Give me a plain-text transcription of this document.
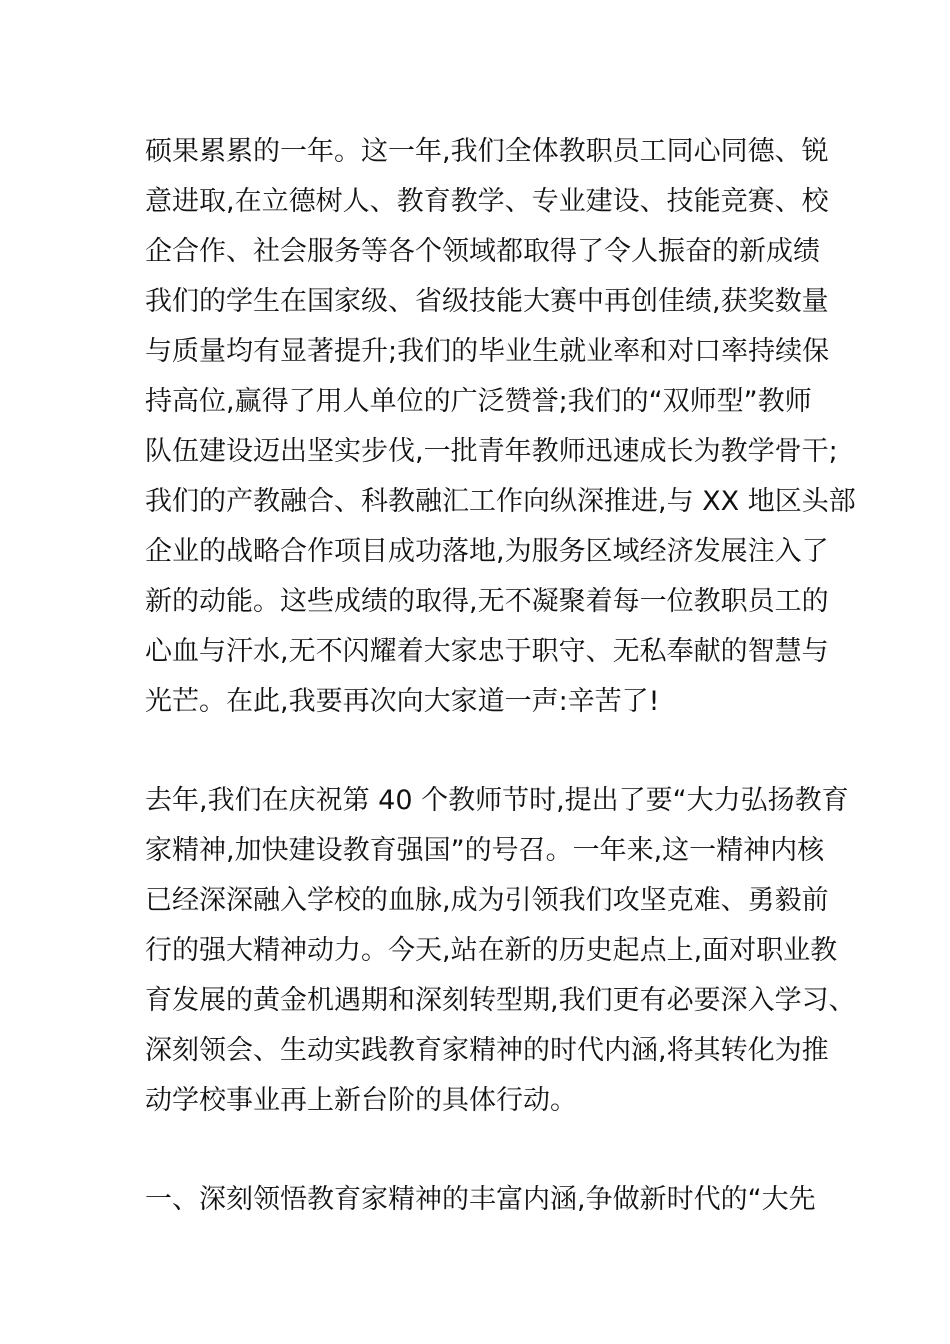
硕果累累的一年。这一年,我们全体教职员工同心同德、锐
意进取,在立德树人、教育教学、专业建设、技能竞赛、校
企合作、社会服务等各个领域都取得了令人振奋的新成绩
我们的学生在国家级、省级技能大赛中再创佳绩,获奖数量
与质量均有显著提升;我们的毕业生就业率和对口率持续保
持高位,赢得了用人单位的广泛赞誉;我们的“双师型”教师
队伍建设迈出坚实步伐,一批青年教师迅速成长为教学骨干;
我们的产教融合、科教融汇工作向纵深推进,与 XX 地区头部
企业的战略合作项目成功落地,为服务区域经济发展注入了
新的动能。这些成绩的取得,无不凝聚着每一位教职员工的
心血与汗水,无不闪耀着大家忠于职守、无私奉献的智慧与
光芒。在此,我要再次向大家道一声:辛苦了!
去年,我们在庆祝第 40 个教师节时,提出了要“大力弘扬教育
家精神,加快建设教育强国”的号召。一年来,这一精神内核
已经深深融入学校的血脉,成为引领我们攻坚克难、勇毅前
行的强大精神动力。今天,站在新的历史起点上,面对职业教
育发展的黄金机遇期和深刻转型期,我们更有必要深入学习、
深刻领会、生动实践教育家精神的时代内涵,将其转化为推
动学校事业再上新台阶的具体行动。
一、深刻领悟教育家精神的丰富内涵,争做新时代的“大先
